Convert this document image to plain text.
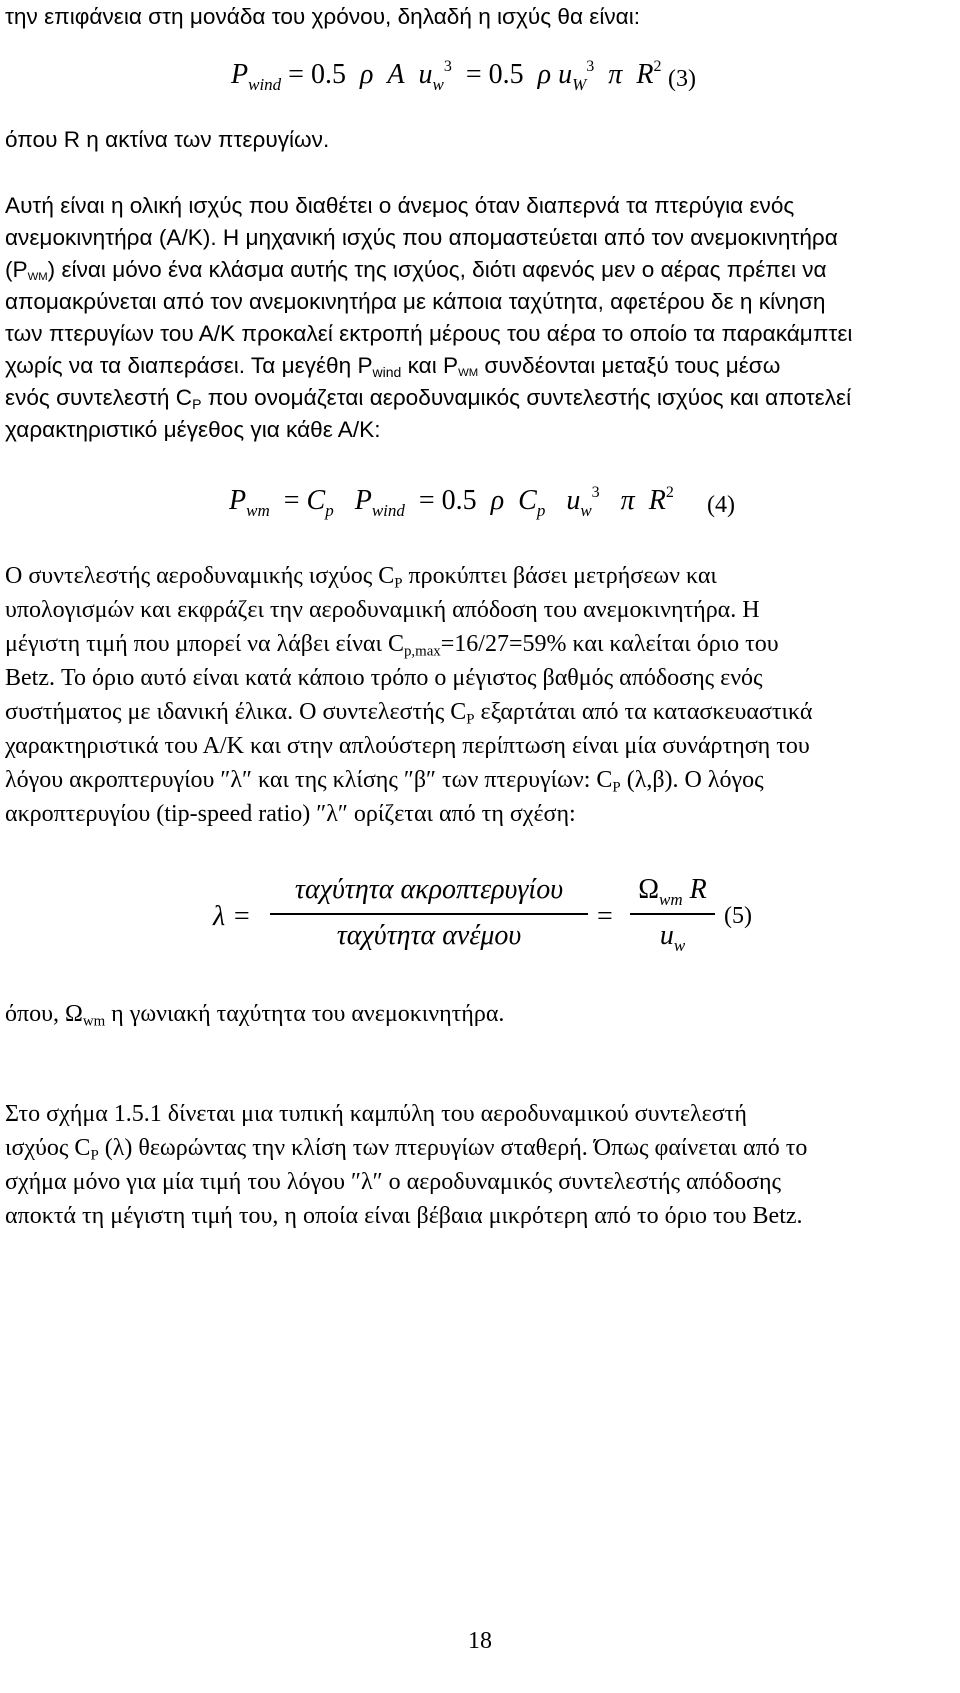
την επιφάνεια στη μονάδα του χρόνου, δηλαδή η ισχύς θα είναι:
$P_{wind} = 0.5$ ρ A $u_w^3 = 0.5$ ρ $u_W^3$ π $R^2$ (3)
όπου R η ακτίνα των πτερυγίων.
Αυτή είναι η ολική ισχύς που διαθέτει ο άνεμος όταν διαπερνά τα πτερύγια ενός
ανεμοκινητήρα (Α/Κ). Η μηχανική ισχύς που απομαστεύεται από τον ανεμοκινητήρα
(PWM) είναι μόνο ένα κλάσμα αυτής της ισχύος, διότι αφενός μεν ο αέρας πρέπει να
απομακρύνεται από τον ανεμοκινητήρα με κάποια ταχύτητα, αφετέρου δε η κίνηση
των πτερυγίων του Α/Κ προκαλεί εκτροπή μέρους του αέρα το οποίο τα παρακάμπτει
χωρίς να τα διαπεράσει. Τα μεγέθη $P_{wind}$ και PWM συνδέονται μεταξύ τους μέσω
ενός συντελεστή $C_P$ που ονομάζεται αεροδυναμικός συντελεστής ισχύος και αποτελεί
χαρακτηριστικό μέγεθος για κάθε Α/Κ:
$P_{wm} = C_p$ $P_{wind} = 0.5$ ρ $C_p$ $u_w^3$ π $R^2$ (4)
Ο συντελεστής αεροδυναμικής ισχύος $C_P$ προκύπτει βάσει μετρήσεων και
υπολογισμών και εκφράζει την αεροδυναμική απόδοση του ανεμοκινητήρα. Η
μέγιστη τιμή που μπορεί να λάβει είναι $C_{p,max}=16/27=59\%$ και καλείται όριο του
Betz. Το όριο αυτό είναι κατά κάποιο τρόπο ο μέγιστος βαθμός απόδοσης ενός
συστήματος με ιδανική έλικα. Ο συντελεστής $C_P$ εξαρτάται από τα κατασκευαστικά
χαρακτηριστικά του Α/Κ και στην απλούστερη περίπτωση είναι μία συνάρτηση του
λόγου ακροπτερυγίου ″λ″ και της κλίσης ″β″ των πτερυγίων: $C_P$ (λ,β). Ο λόγος
ακροπτερυγίου (tip-speed ratio) ″λ″ ορίζεται από τη σχέση:
λ =
ταχύτητα ακροπτερυγίου
ταχύτητα ανέμου
=
$\Omega_{wm}$ R
$u_w$
(5)
όπου, $\Omega_{wm}$ η γωνιακή ταχύτητα του ανεμοκινητήρα.
Στο σχήμα 1.5.1 δίνεται μια τυπική καμπύλη του αεροδυναμικού συντελεστή
ισχύος $C_P$ (λ) θεωρώντας την κλίση των πτερυγίων σταθερή. Όπως φαίνεται από το
σχήμα μόνο για μία τιμή του λόγου ″λ″ ο αεροδυναμικός συντελεστής απόδοσης
αποκτά τη μέγιστη τιμή του, η οποία είναι βέβαια μικρότερη από το όριο του Betz.
18
